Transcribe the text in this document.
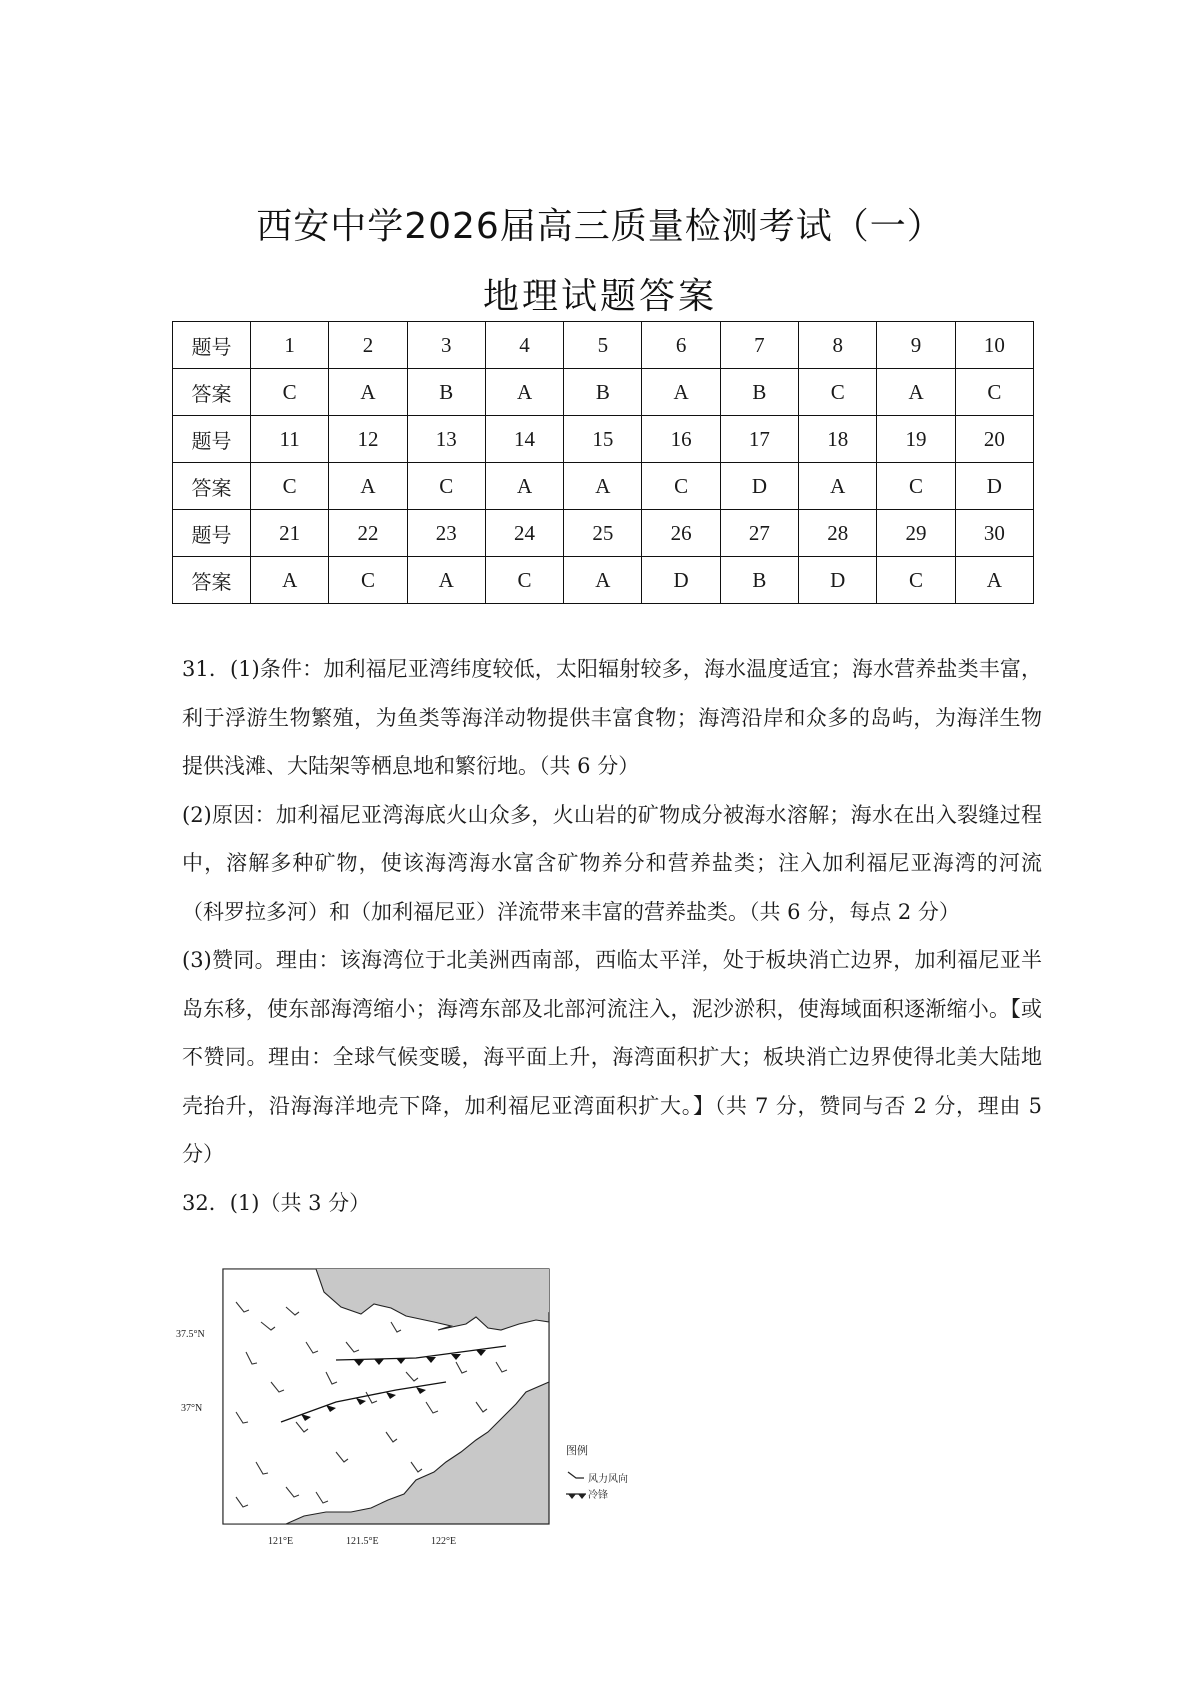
西安中学2026届高三质量检测考试（一）
地理试题答案
题号	1	2	3	4	5	6	7	8	9	10
答案	C	A	B	A	B	A	B	C	A	C
题号	11	12	13	14	15	16	17	18	19	20
答案	C	A	C	A	A	C	D	A	C	D
题号	21	22	23	24	25	26	27	28	29	30
答案	A	C	A	C	A	D	B	D	C	A

31．(1)条件：加利福尼亚湾纬度较低，太阳辐射较多，海水温度适宜；海水营养盐类丰富，利于浮游生物繁殖，为鱼类等海洋动物提供丰富食物；海湾沿岸和众多的岛屿，为海洋生物提供浅滩、大陆架等栖息地和繁衍地。（共 6 分）

(2)原因：加利福尼亚湾海底火山众多，火山岩的矿物成分被海水溶解；海水在出入裂缝过程中，溶解多种矿物，使该海湾海水富含矿物养分和营养盐类；注入加利福尼亚海湾的河流（科罗拉多河）和（加利福尼亚）洋流带来丰富的营养盐类。（共 6 分，每点 2 分）

(3)赞同。理由：该海湾位于北美洲西南部，西临太平洋，处于板块消亡边界，加利福尼亚半岛东移，使东部海湾缩小；海湾东部及北部河流注入，泥沙淤积，使海域面积逐渐缩小。【或不赞同。理由：全球气候变暖，海平面上升，海湾面积扩大；板块消亡边界使得北美大陆地壳抬升，沿海海洋地壳下降，加利福尼亚湾面积扩大。】（共 7 分，赞同与否 2 分，理由 5 分）

32．(1)（共 3 分）

37.5°N
37°N
121°E	121.5°E	122°E
图例
风力风向
冷锋
